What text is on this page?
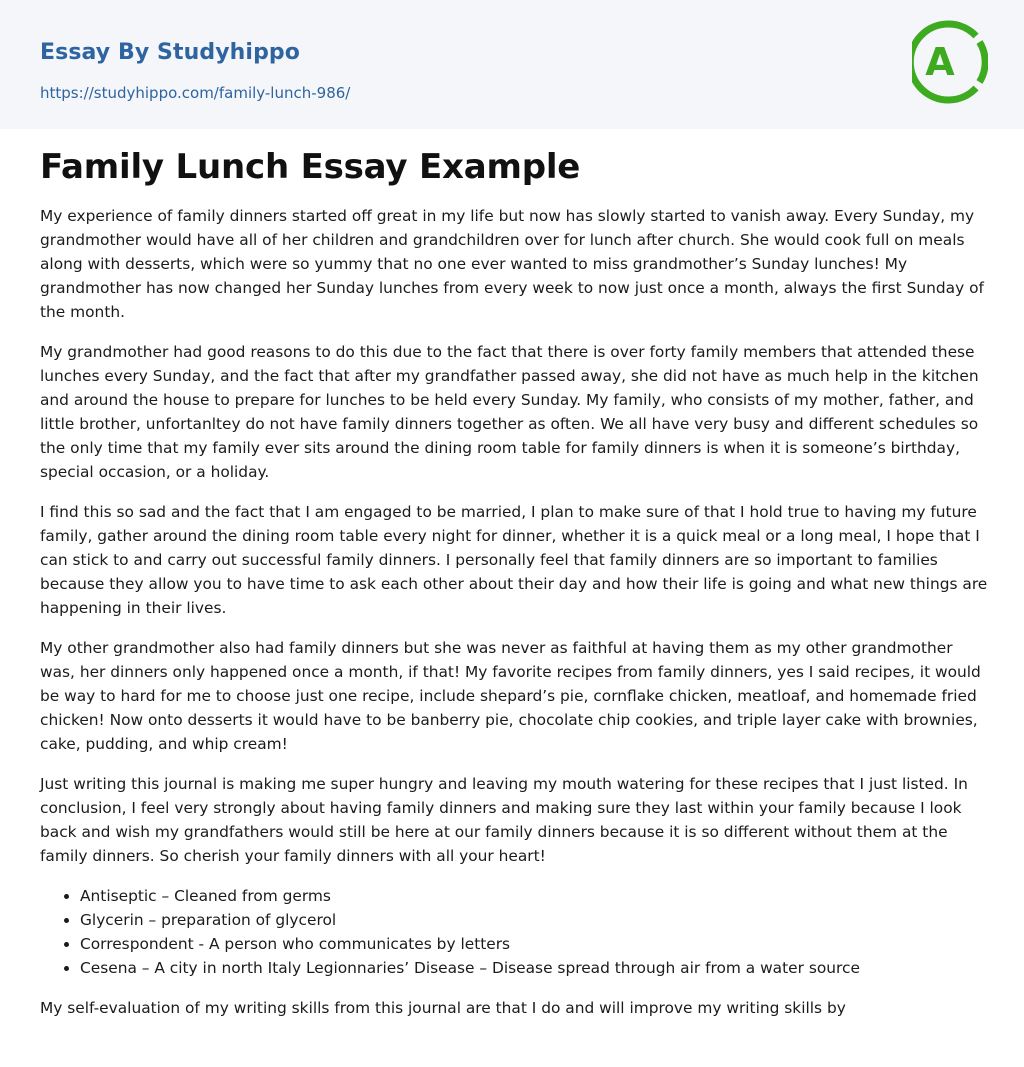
Essay By Studyhippo
https://studyhippo.com/family-lunch-986/
A
Family Lunch Essay Example

My experience of family dinners started off great in my life but now has slowly started to vanish away. Every Sunday, my grandmother would have all of her children and grandchildren over for lunch after church. She would cook full on meals along with desserts, which were so yummy that no one ever wanted to miss grandmother’s Sunday lunches! My grandmother has now changed her Sunday lunches from every week to now just once a month, always the first Sunday of the month.

My grandmother had good reasons to do this due to the fact that there is over forty family members that attended these lunches every Sunday, and the fact that after my grandfather passed away, she did not have as much help in the kitchen and around the house to prepare for lunches to be held every Sunday. My family, who consists of my mother, father, and little brother, unfortanltey do not have family dinners together as often. We all have very busy and different schedules so the only time that my family ever sits around the dining room table for family dinners is when it is someone’s birthday, special occasion, or a holiday.

I find this so sad and the fact that I am engaged to be married, I plan to make sure of that I hold true to having my future family, gather around the dining room table every night for dinner, whether it is a quick meal or a long meal, I hope that I can stick to and carry out successful family dinners. I personally feel that family dinners are so important to families because they allow you to have time to ask each other about their day and how their life is going and what new things are happening in their lives.

My other grandmother also had family dinners but she was never as faithful at having them as my other grandmother was, her dinners only happened once a month, if that! My favorite recipes from family dinners, yes I said recipes, it would be way to hard for me to choose just one recipe, include shepard’s pie, cornflake chicken, meatloaf, and homemade fried chicken! Now onto desserts it would have to be banberry pie, chocolate chip cookies, and triple layer cake with brownies, cake, pudding, and whip cream!

Just writing this journal is making me super hungry and leaving my mouth watering for these recipes that I just listed. In conclusion, I feel very strongly about having family dinners and making sure they last within your family because I look back and wish my grandfathers would still be here at our family dinners because it is so different without them at the family dinners. So cherish your family dinners with all your heart!

• Antiseptic – Cleaned from germs
• Glycerin – preparation of glycerol
• Correspondent - A person who communicates by letters
• Cesena – A city in north Italy Legionnaries’ Disease – Disease spread through air from a water source

My self-evaluation of my writing skills from this journal are that I do and will improve my writing skills by
